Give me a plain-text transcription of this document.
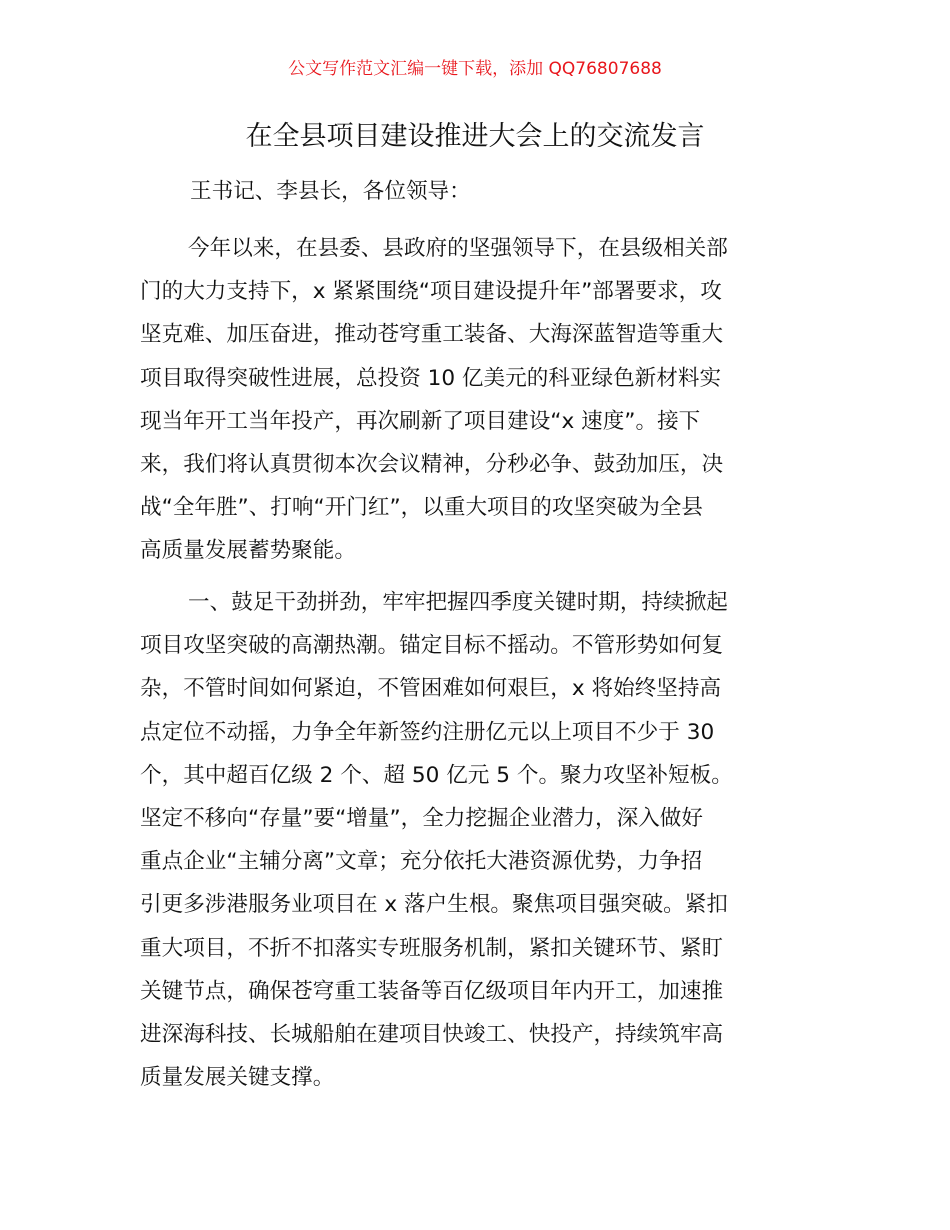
公文写作范文汇编一键下载，添加 QQ76807688
在全县项目建设推进大会上的交流发言
王书记、李县长，各位领导：
今年以来，在县委、县政府的坚强领导下，在县级相关部
门的大力支持下，x 紧紧围绕“项目建设提升年”部署要求，攻
坚克难、加压奋进，推动苍穹重工装备、大海深蓝智造等重大
项目取得突破性进展，总投资 10 亿美元的科亚绿色新材料实
现当年开工当年投产，再次刷新了项目建设“x 速度”。接下
来，我们将认真贯彻本次会议精神，分秒必争、鼓劲加压，决
战“全年胜”、打响“开门红”，以重大项目的攻坚突破为全县
高质量发展蓄势聚能。
一、鼓足干劲拼劲，牢牢把握四季度关键时期，持续掀起
项目攻坚突破的高潮热潮。锚定目标不摇动。不管形势如何复
杂，不管时间如何紧迫，不管困难如何艰巨，x 将始终坚持高
点定位不动摇，力争全年新签约注册亿元以上项目不少于 30
个，其中超百亿级 2 个、超 50 亿元 5 个。聚力攻坚补短板。
坚定不移向“存量”要“增量”，全力挖掘企业潜力，深入做好
重点企业“主辅分离”文章；充分依托大港资源优势，力争招
引更多涉港服务业项目在 x 落户生根。聚焦项目强突破。紧扣
重大项目，不折不扣落实专班服务机制，紧扣关键环节、紧盯
关键节点，确保苍穹重工装备等百亿级项目年内开工，加速推
进深海科技、长城船舶在建项目快竣工、快投产，持续筑牢高
质量发展关键支撑。
